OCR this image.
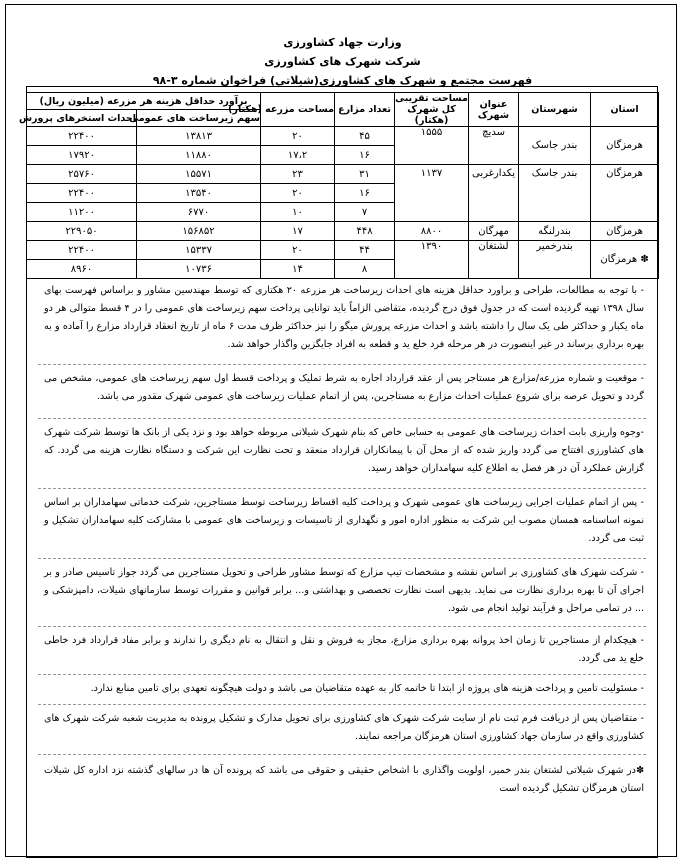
وزارت جهاد کشاورزی
شرکت شهرک های کشاورزی
فهرست مجتمع و شهرک های کشاورزی(شیلاتی) فراخوان شماره ۳-۹۸
استان	شهرستان	عنوان شهرک	مساحت تقریبی کل شهرک (هکتار)	تعداد مزارع	مساحت مزرعه (هکتار)	برآورد حداقل هزینه هر مزرعه (میلیون ریال)	
						سهم زیرساخت های عمومی	احداث استخرهای پرورش
هرمزگان	بندر جاسک	سدیچ	۱۵۵۵	۴۵	۲۰	۱۳۸۱۳	۲۲۴۰۰
				۱۶	۱۷،۲	۱۱۸۸۰	۱۷۹۲۰
هرمزگان	بندر جاسک	یکدارغربی	۱۱۳۷	۳۱	۲۳	۱۵۵۷۱	۲۵۷۶۰
				۱۶	۲۰	۱۳۵۴۰	۲۲۴۰۰
				۷	۱۰	۶۷۷۰	۱۱۲۰۰
هرمزگان	بندرلنگه	مهرگان	۸۸۰۰	۴۴۸	۱۷	۱۵۶۸۵۲	۲۲۹۰۵۰
✽ هرمزگان	بندرخمیر	لشتغان	۱۳۹۰	۴۴	۲۰	۱۵۳۳۷	۲۲۴۰۰
				۸	۱۴	۱۰۷۳۶	۸۹۶۰
- با توجه به مطالعات، طراحی و براورد حداقل هزینه های احداث زیرساخت هر مزرعه ۲۰ هکتاری که توسط مهندسین مشاور و براساس فهرست بهای سال ۱۳۹۸ تهیه گردیده است که در جدول فوق درج گردیده، متقاضی الزاماً باید توانایی پرداخت سهم زیرساخت های عمومی را در ۴ قسط متوالی هر دو ماه یکبار و حداکثر طی یک سال را داشته باشد و احداث مزرعه پرورش میگو را نیز حداکثر ظرف مدت ۶ ماه از تاریخ انعقاد قرارداد مزارع را آماده و به بهره برداری برساند در غیر اینصورت در هر مرحله فرد خلع ید و قطعه به افراد جایگزین واگذار خواهد شد.
- موقعیت و شماره مزرعه/مزارع هر مستاجر پس از عقد قرارداد اجاره به شرط تملیک و پرداخت قسط اول سهم زیرساخت های عمومی، مشخص می گردد و تحویل عرصه برای شروع عملیات احداث مزارع به مستاجرین، پس از اتمام عملیات زیرساخت های عمومی شهرک مقدور می باشد.
-وجوه واریزی بابت احداث زیرساخت های عمومی به حسابی خاص که بنام شهرک شیلاتی مربوطه خواهد بود و نزد یکی از بانک ها توسط شرکت شهرک های کشاورزی افتتاح می گردد واریز شده که از محل آن با پیمانکاران قرارداد منعقد و تحت نظارت این شرکت و دستگاه نظارت هزینه می گردد. که گزارش عملکرد آن در هر فصل به اطلاع کلیه سهامداران خواهد رسید.
- پس از اتمام عملیات اجرایی زیرساخت های عمومی شهرک و پرداخت کلیه اقساط زیرساخت توسط مستاجرین، شرکت خدماتی سهامداران بر اساس نمونه اساسنامه همسان مصوب این شرکت به منظور اداره امور و نگهداری از تاسیسات و زیرساخت های عمومی با مشارکت کلیه سهامداران تشکیل و ثبت می گردد.
- شرکت شهرک های کشاورزی بر اساس نقشه و مشخصات تیپ مزارع که توسط مشاور طراحی و تحویل مستاجرین می گردد جواز تاسیس صادر و بر اجرای آن تا بهره برداری نظارت می نماید. بدیهی است نظارت تخصصی و بهداشتی و... برابر قوانین و مقررات توسط سازمانهای شیلات، دامپزشکی و ... در تمامی مراحل و فرآیند تولید انجام می شود.
- هیچکدام از مستاجرین تا زمان اخذ پروانه بهره برداری مزارع، مجاز به فروش و نقل و انتقال به نام دیگری را ندارند و برابر مفاد قرارداد فرد خاطی خلع ید می گردد.
- مسئولیت تامین و پرداخت هزینه های پروژه از ابتدا تا خاتمه کار به عهده متقاضیان می باشد و دولت هیچگونه تعهدی برای تامین منابع ندارد.
- متقاضیان پس از دریافت فرم ثبت نام از سایت شرکت شهرک های کشاورزی برای تحویل مدارک و تشکیل پرونده به مدیریت شعبه شرکت شهرک های کشاورزی واقع در سازمان جهاد کشاورزی استان هرمزگان مراجعه نمایند.
✽در شهرک شیلاتی لشتغان بندر خمیر، اولویت واگذاری با اشخاص حقیقی و حقوقی می باشد که پرونده آن ها در سالهای گذشته نزد اداره کل شیلات استان هرمزگان تشکیل گردیده است
